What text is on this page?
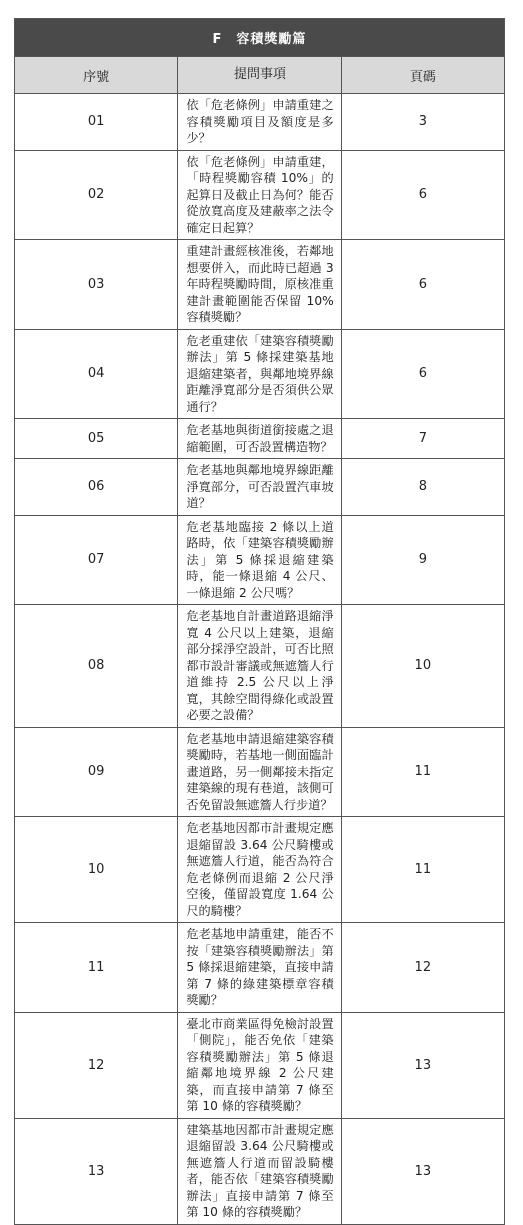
F　容積獎勵篇		
序號	提問事項	頁碼
01	依「危老條例」申請重建之容積獎勵項目及額度是多少？	3
02	依「危老條例」申請重建，「時程獎勵容積 10%」的起算日及截止日為何？能否從放寬高度及建蔽率之法令確定日起算？	6
03	重建計畫經核准後，若鄰地想要併入，而此時已超過 3 年時程獎勵時間，原核准重建計畫範圍能否保留 10%容積獎勵？	6
04	危老重建依「建築容積獎勵辦法」第 5 條採建築基地退縮建築者，與鄰地境界線距離淨寬部分是否須供公眾通行？	6
05	危老基地與街道銜接處之退縮範圍，可否設置構造物？	7
06	危老基地與鄰地境界線距離淨寬部分，可否設置汽車坡道？	8
07	危老基地臨接 2 條以上道路時，依「建築容積獎勵辦法」第 5 條採退縮建築時，能一條退縮 4 公尺、一條退縮 2 公尺嗎？	9
08	危老基地自計畫道路退縮淨寬 4 公尺以上建築，退縮部分採淨空設計，可否比照都市設計審議或無遮簷人行道維持 2.5 公尺以上淨寬，其餘空間得綠化或設置必要之設備？	10
09	危老基地申請退縮建築容積獎勵時，若基地一側面臨計畫道路，另一側鄰接未指定建築線的現有巷道，該側可否免留設無遮簷人行步道？	11
10	危老基地因都市計畫規定應退縮留設 3.64 公尺騎樓或無遮簷人行道，能否為符合危老條例而退縮 2 公尺淨空後，僅留設寬度 1.64 公尺的騎樓？	11
11	危老基地申請重建，能否不按「建築容積獎勵辦法」第 5 條採退縮建築，直接申請第 7 條的綠建築標章容積獎勵？	12
12	臺北市商業區得免檢討設置「側院」，能否免依「建築容積獎勵辦法」第 5 條退縮鄰地境界線 2 公尺建築，而直接申請第 7 條至第 10 條的容積獎勵？	13
13	建築基地因都市計畫規定應退縮留設 3.64 公尺騎樓或無遮簷人行道而留設騎樓者，能否依「建築容積獎勵辦法」直接申請第 7 條至第 10 條的容積獎勵？	13
